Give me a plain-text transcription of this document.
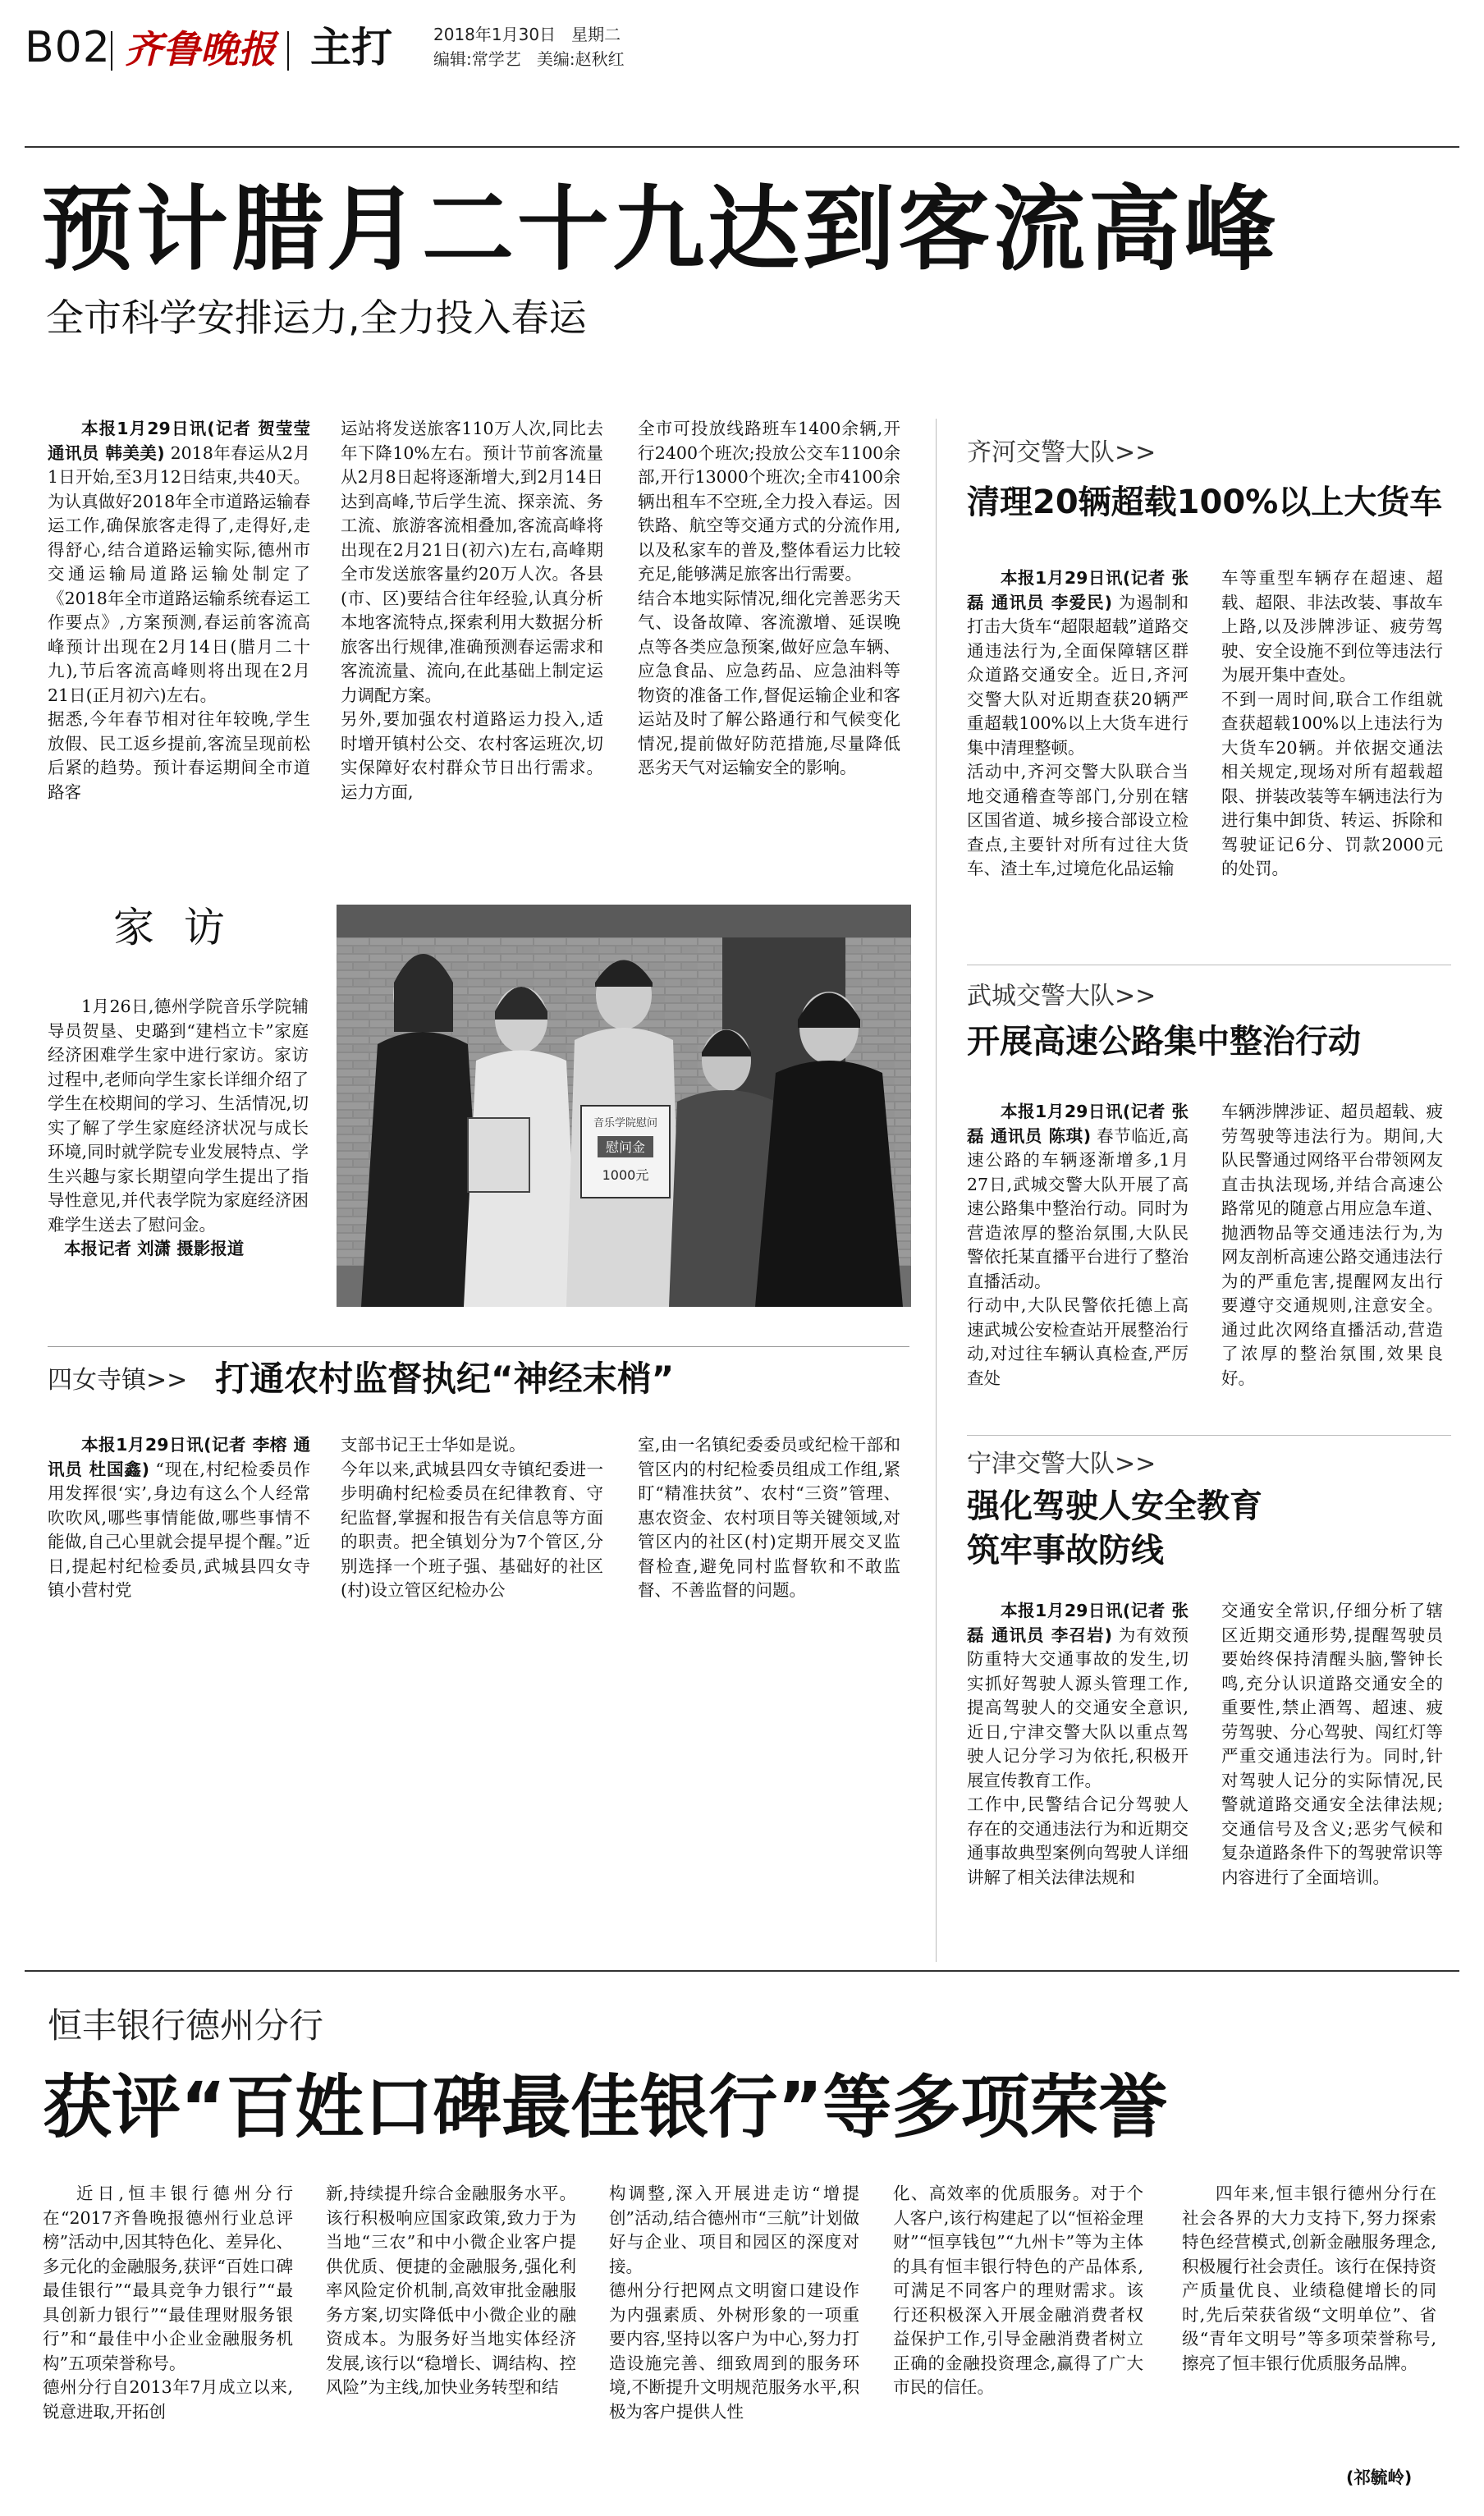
B02 齐鲁晚报 主打	2018年1月30日 星期二
编辑:常学艺 美编:赵秋红
预计腊月二十九达到客流高峰
全市科学安排运力,全力投入春运

本报1月29日讯(记者 贺莹莹 通讯员 韩美美) 2018年春运从2月1日开始,至3月12日结束,共40天。为认真做好2018年全市道路运输春运工作,确保旅客走得了,走得好,走得舒心,结合道路运输实际,德州市交通运输局道路运输处制定了《2018年全市道路运输系统春运工作要点》,方案预测,春运前客流高峰预计出现在2月14日(腊月二十九),节后客流高峰则将出现在2月21日(正月初六)左右。
据悉,今年春节相对往年较晚,学生放假、民工返乡提前,客流呈现前松后紧的趋势。预计春运期间全市道路客

运站将发送旅客110万人次,同比去年下降10%左右。预计节前客流量从2月8日起将逐渐增大,到2月14日达到高峰,节后学生流、探亲流、务工流、旅游客流相叠加,客流高峰将出现在2月21日(初六)左右,高峰期全市发送旅客量约20万人次。各县(市、区)要结合往年经验,认真分析本地客流特点,探索利用大数据分析旅客出行规律,准确预测春运需求和客流流量、流向,在此基础上制定运力调配方案。
另外,要加强农村道路运力投入,适时增开镇村公交、农村客运班次,切实保障好农村群众节日出行需求。运力方面,

全市可投放线路班车1400余辆,开行2400个班次;投放公交车1100余部,开行13000个班次;全市4100余辆出租车不空班,全力投入春运。因铁路、航空等交通方式的分流作用,以及私家车的普及,整体看运力比较充足,能够满足旅客出行需要。
结合本地实际情况,细化完善恶劣天气、设备故障、客流激增、延误晚点等各类应急预案,做好应急车辆、应急食品、应急药品、应急油料等物资的准备工作,督促运输企业和客运站及时了解公路通行和气候变化情况,提前做好防范措施,尽量降低恶劣天气对运输安全的影响。

家 访

1月26日,德州学院音乐学院辅导员贺垦、史璐到“建档立卡”家庭经济困难学生家中进行家访。家访过程中,老师向学生家长详细介绍了学生在校期间的学习、生活情况,切实了解了学生家庭经济状况与成长环境,同时就学院专业发展特点、学生兴趣与家长期望向学生提出了指导性意见,并代表学院为家庭经济困难学生送去了慰问金。

本报记者 刘潇 摄影报道

音乐学院慰问
慰问金
1000元
四女寺镇>> 打通农村监督执纪“神经末梢”

本报1月29日讯(记者 李榕 通讯员 杜国鑫) “现在,村纪检委员作用发挥很‘实’,身边有这么个人经常吹吹风,哪些事情能做,哪些事情不能做,自己心里就会提早提个醒。”近日,提起村纪检委员,武城县四女寺镇小营村党

支部书记王士华如是说。
今年以来,武城县四女寺镇纪委进一步明确村纪检委员在纪律教育、守纪监督,掌握和报告有关信息等方面的职责。把全镇划分为7个管区,分别选择一个班子强、基础好的社区(村)设立管区纪检办公

室,由一名镇纪委委员或纪检干部和管区内的村纪检委员组成工作组,紧盯“精准扶贫”、农村“三资”管理、惠农资金、农村项目等关键领域,对管区内的社区(村)定期开展交叉监督检查,避免同村监督软和不敢监督、不善监督的问题。

齐河交警大队>>
清理20辆超载100%以上大货车

本报1月29日讯(记者 张磊 通讯员 李爱民) 为遏制和打击大货车“超限超载”道路交通违法行为,全面保障辖区群众道路交通安全。近日,齐河交警大队对近期查获20辆严重超载100%以上大货车进行集中清理整顿。
活动中,齐河交警大队联合当地交通稽查等部门,分别在辖区国省道、城乡接合部设立检查点,主要针对所有过往大货车、渣土车,过境危化品运输

车等重型车辆存在超速、超载、超限、非法改装、事故车上路,以及涉牌涉证、疲劳驾驶、安全设施不到位等违法行为展开集中查处。
不到一周时间,联合工作组就查获超载100%以上违法行为大货车20辆。并依据交通法相关规定,现场对所有超载超限、拼装改装等车辆违法行为进行集中卸货、转运、拆除和驾驶证记6分、罚款2000元的处罚。

武城交警大队>>
开展高速公路集中整治行动

本报1月29日讯(记者 张磊 通讯员 陈琪) 春节临近,高速公路的车辆逐渐增多,1月27日,武城交警大队开展了高速公路集中整治行动。同时为营造浓厚的整治氛围,大队民警依托某直播平台进行了整治直播活动。
行动中,大队民警依托德上高速武城公安检查站开展整治行动,对过往车辆认真检查,严厉查处

车辆涉牌涉证、超员超载、疲劳驾驶等违法行为。期间,大队民警通过网络平台带领网友直击执法现场,并结合高速公路常见的随意占用应急车道、抛洒物品等交通违法行为,为网友剖析高速公路交通违法行为的严重危害,提醒网友出行要遵守交通规则,注意安全。通过此次网络直播活动,营造了浓厚的整治氛围,效果良好。

宁津交警大队>>
强化驾驶人安全教育
筑牢事故防线

本报1月29日讯(记者 张磊 通讯员 李召岩) 为有效预防重特大交通事故的发生,切实抓好驾驶人源头管理工作,提高驾驶人的交通安全意识,近日,宁津交警大队以重点驾驶人记分学习为依托,积极开展宣传教育工作。
工作中,民警结合记分驾驶人存在的交通违法行为和近期交通事故典型案例向驾驶人详细讲解了相关法律法规和

交通安全常识,仔细分析了辖区近期交通形势,提醒驾驶员要始终保持清醒头脑,警钟长鸣,充分认识道路交通安全的重要性,禁止酒驾、超速、疲劳驾驶、分心驾驶、闯红灯等严重交通违法行为。同时,针对驾驶人记分的实际情况,民警就道路交通安全法律法规;交通信号及含义;恶劣气候和复杂道路条件下的驾驶常识等内容进行了全面培训。

恒丰银行德州分行
获评“百姓口碑最佳银行”等多项荣誉

近日,恒丰银行德州分行在“2017齐鲁晚报德州行业总评榜”活动中,因其特色化、差异化、多元化的金融服务,获评“百姓口碑最佳银行”“最具竞争力银行”“最具创新力银行”“最佳理财服务银行”和“最佳中小企业金融服务机构”五项荣誉称号。
德州分行自2013年7月成立以来,锐意进取,开拓创

新,持续提升综合金融服务水平。该行积极响应国家政策,致力于为当地“三农”和中小微企业客户提供优质、便捷的金融服务,强化利率风险定价机制,高效审批金融服务方案,切实降低中小微企业的融资成本。为服务好当地实体经济发展,该行以“稳增长、调结构、控风险”为主线,加快业务转型和结

构调整,深入开展进走访“增提创”活动,结合德州市“三航”计划做好与企业、项目和园区的深度对接。
德州分行把网点文明窗口建设作为内强素质、外树形象的一项重要内容,坚持以客户为中心,努力打造设施完善、细致周到的服务环境,不断提升文明规范服务水平,积极为客户提供人性

化、高效率的优质服务。对于个人客户,该行构建起了以“恒裕金理财”“恒享钱包”“九州卡”等为主体的具有恒丰银行特色的产品体系,可满足不同客户的理财需求。该行还积极深入开展金融消费者权益保护工作,引导金融消费者树立正确的金融投资理念,赢得了广大市民的信任。

四年来,恒丰银行德州分行在社会各界的大力支持下,努力探索特色经营模式,创新金融服务理念,积极履行社会责任。该行在保持资产质量优良、业绩稳健增长的同时,先后荣获省级“文明单位”、省级“青年文明号”等多项荣誉称号,擦亮了恒丰银行优质服务品牌。

(祁毓岭)
